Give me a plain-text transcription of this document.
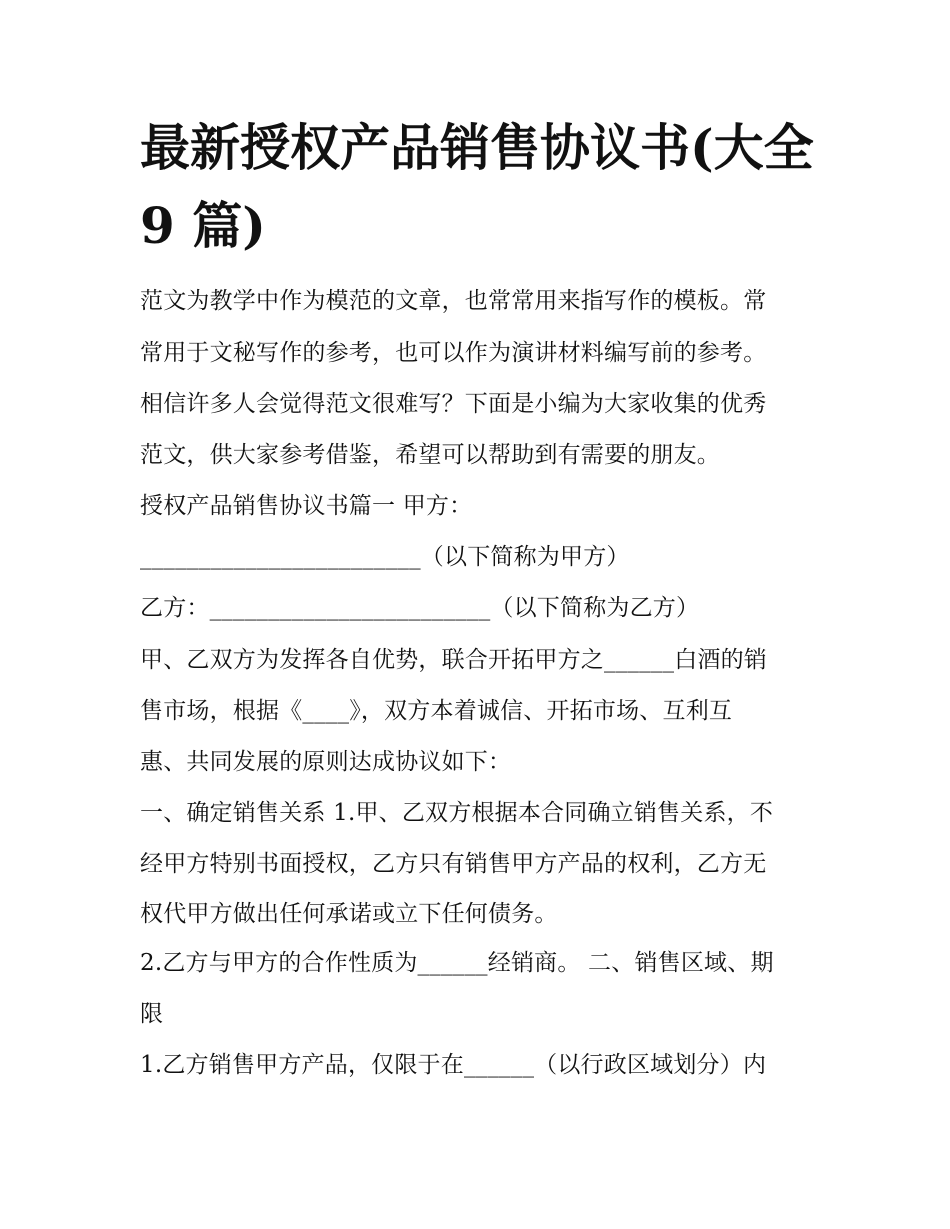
最新授权产品销售协议书(大全
9 篇)

范文为教学中作为模范的文章，也常常用来指写作的模板。常

常用于文秘写作的参考，也可以作为演讲材料编写前的参考。

相信许多人会觉得范文很难写？下面是小编为大家收集的优秀

范文，供大家参考借鉴，希望可以帮助到有需要的朋友。

授权产品销售协议书篇一 甲方：

________________________（以下简称为甲方）

乙方：________________________（以下简称为乙方）

甲、乙双方为发挥各自优势，联合开拓甲方之______白酒的销

售市场，根据《____》，双方本着诚信、开拓市场、互利互

惠、共同发展的原则达成协议如下：

一、确定销售关系 1.甲、乙双方根据本合同确立销售关系，不

经甲方特别书面授权，乙方只有销售甲方产品的权利，乙方无

权代甲方做出任何承诺或立下任何债务。

2.乙方与甲方的合作性质为______经销商。 二、销售区域、期

限

1.乙方销售甲方产品，仅限于在______（以行政区域划分）内
